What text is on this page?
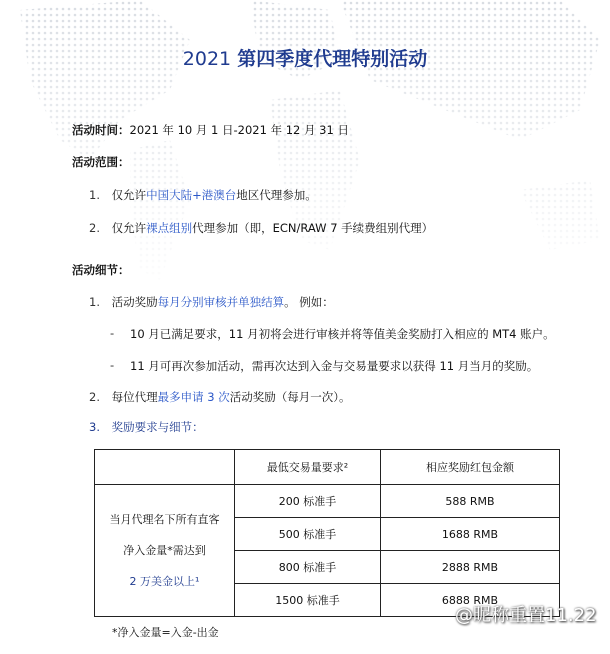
2021 第四季度代理特别活动
活动时间：2021 年 10 月 1 日-2021 年 12 月 31 日
活动范围：
1. 仅允许中国大陆+港澳台地区代理参加。
2. 仅允许裸点组别代理参加（即，ECN/RAW 7 手续费组别代理）
活动细节：
1. 活动奖励每月分别审核并单独结算。 例如：
- 10 月已满足要求，11 月初将会进行审核并将等值美金奖励打入相应的 MT4 账户。
- 11 月可再次参加活动，需再次达到入金与交易量要求以获得 11 月当月的奖励。
2. 每位代理最多申请 3 次活动奖励（每月一次）。
3. 奖励要求与细节：
	最低交易量要求²	相应奖励红包金额

当月代理名下所有直客
净入金量*需达到
2 万美金以上¹	200 标准手	588 RMB
	500 标准手	1688 RMB
	800 标准手	2888 RMB
	1500 标准手	6888 RMB
*净入金量=入金-出金
@昵称重置11.22
